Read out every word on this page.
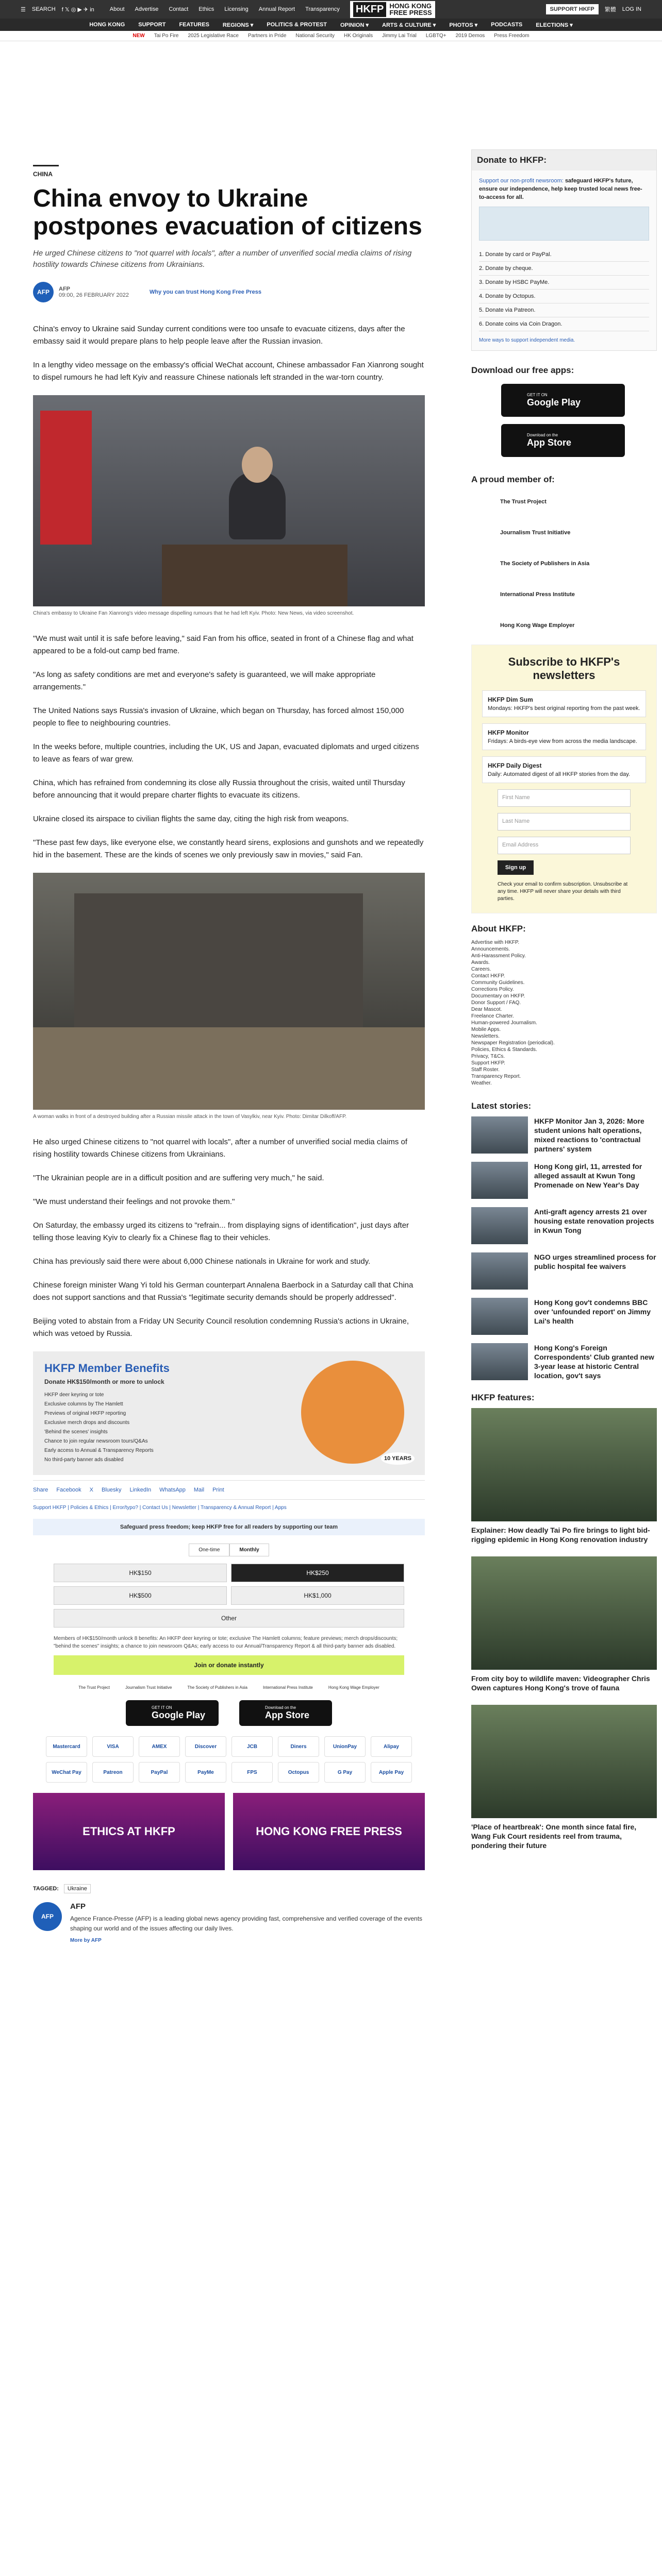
☰ SEARCH f 𝕏 ◎ ▶ ✈ in	About Advertise Contact Ethics Licensing Annual Report Transparency HKFP HONG KONG
FREE PRESS	SUPPORT HKFP	繁體 LOG IN
HONG KONG SUPPORT FEATURES REGIONS ▾ POLITICS & PROTEST OPINION ▾ ARTS & CULTURE ▾ PHOTOS ▾ PODCASTS ELECTIONS ▾
NEW Tai Po Fire 2025 Legislative Race Partners in Pride National Security HK Originals Jimmy Lai Trial LGBTQ+ 2019 Demos Press Freedom
CHINA
China envoy to Ukraine postpones evacuation of citizens
He urged Chinese citizens to "not quarrel with locals", after a number of unverified social media claims of rising hostility towards Chinese citizens from Ukrainians.
AFP	AFP
09:00, 26 FEBRUARY 2022	Why you can trust Hong Kong Free Press

China's envoy to Ukraine said Sunday current conditions were too unsafe to evacuate citizens, days after the embassy said it would prepare plans to help people leave after the Russian invasion.

In a lengthy video message on the embassy's official WeChat account, Chinese ambassador Fan Xianrong sought to dispel rumours he had left Kyiv and reassure Chinese nationals left stranded in the war-torn country.

China's embassy to Ukraine Fan Xianrong's video message dispelling rumours that he had left Kyiv. Photo: New News, via video screenshot.

"We must wait until it is safe before leaving," said Fan from his office, seated in front of a Chinese flag and what appeared to be a fold-out camp bed frame.

"As long as safety conditions are met and everyone's safety is guaranteed, we will make appropriate arrangements."

The United Nations says Russia's invasion of Ukraine, which began on Thursday, has forced almost 150,000 people to flee to neighbouring countries.

In the weeks before, multiple countries, including the UK, US and Japan, evacuated diplomats and urged citizens to leave as fears of war grew.

China, which has refrained from condemning its close ally Russia throughout the crisis, waited until Thursday before announcing that it would prepare charter flights to evacuate its citizens.

Ukraine closed its airspace to civilian flights the same day, citing the high risk from weapons.

"These past few days, like everyone else, we constantly heard sirens, explosions and gunshots and we repeatedly hid in the basement. These are the kinds of scenes we only previously saw in movies," said Fan.

A woman walks in front of a destroyed building after a Russian missile attack in the town of Vasylkiv, near Kyiv. Photo: Dimitar Dilkoff/AFP.

He also urged Chinese citizens to "not quarrel with locals", after a number of unverified social media claims of rising hostility towards Chinese citizens from Ukrainians.

"The Ukrainian people are in a difficult position and are suffering very much," he said.

"We must understand their feelings and not provoke them."

On Saturday, the embassy urged its citizens to "refrain... from displaying signs of identification", just days after telling those leaving Kyiv to clearly fix a Chinese flag to their vehicles.

China has previously said there were about 6,000 Chinese nationals in Ukraine for work and study.

Chinese foreign minister Wang Yi told his German counterpart Annalena Baerbock in a Saturday call that China does not support sanctions and that Russia's "legitimate security demands should be properly addressed".

Beijing voted to abstain from a Friday UN Security Council resolution condemning Russia's actions in Ukraine, which was vetoed by Russia.

HKFP Member Benefits
Donate HK$150/month or more to unlock
HKFP deer keyring or tote
Exclusive columns by The Hamlett
Previews of original HKFP reporting
Exclusive merch drops and discounts
'Behind the scenes' insights
Chance to join regular newsroom tours/Q&As
Early access to Annual & Transparency Reports
No third-party banner ads disabled	10 YEARS
Share Facebook X Bluesky LinkedIn WhatsApp Mail Print
Support HKFP | Policies & Ethics | Error/typo? | Contact Us | Newsletter | Transparency & Annual Report | Apps
Safeguard press freedom; keep HKFP free for all readers by supporting our team
One-time	Monthly
HK$150	HK$250
HK$500	HK$1,000
Other
Members of HK$150/month unlock 8 benefits: An HKFP deer keyring or tote; exclusive The Hamlett columns; feature previews; merch drops/discounts; "behind the scenes" insights; a chance to join newsroom Q&As; early access to our Annual/Transparency Report & all third-party banner ads disabled.
Join or donate instantly
The Trust Project	Journalism Trust Initiative	The Society of Publishers in Asia	International Press Institute	Hong Kong Wage Employer
GET IT ON
Google Play
Download on the
App Store
Mastercard	VISA	AMEX	Discover	JCB	Diners	UnionPay	Alipay
WeChat Pay	Patreon	PayPal	PayMe	FPS	Octopus	G Pay	Apple Pay
ETHICS AT HKFP	HONG KONG FREE PRESS
TAGGED: Ukraine
AFP
AFP
Agence France-Presse (AFP) is a leading global news agency providing fast, comprehensive and verified coverage of the events shaping our world and of the issues affecting our daily lives.
More by AFP
Donate to HKFP:
Support our non-profit newsroom: safeguard HKFP's future, ensure our independence, help keep trusted local news free-to-access for all.
1. Donate by card or PayPal.
2. Donate by cheque.
3. Donate by HSBC PayMe.
4. Donate by Octopus.
5. Donate via Patreon.
6. Donate coins via Coin Dragon.
More ways to support independent media.
Download our free apps:
GET IT ON
Google Play
Download on the
App Store
A proud member of:
The Trust Project
Journalism Trust Initiative
The Society of Publishers in Asia
International Press Institute
Hong Kong Wage Employer
Subscribe to HKFP's newsletters
HKFP Dim Sum
Mondays: HKFP's best original reporting from the past week.
HKFP Monitor
Fridays: A birds-eye view from across the media landscape.
HKFP Daily Digest
Daily: Automated digest of all HKFP stories from the day.
First Name
Last Name
Email Address
Sign up
Check your email to confirm subscription. Unsubscribe at any time. HKFP will never share your details with third parties.
About HKFP:
Advertise with HKFP.
Announcements.
Anti-Harassment Policy.
Awards.
Careers.
Contact HKFP.
Community Guidelines.
Corrections Policy.
Documentary on HKFP.
Donor Support / FAQ.
Dear Mascot.
Freelance Charter.
Human-powered Journalism.
Mobile Apps.
Newsletters.
Newspaper Registration (periodical).
Policies, Ethics & Standards.
Privacy, T&Cs.
Support HKFP.
Staff Roster.
Transparency Report.
Weather.
Latest stories:
HKFP Monitor Jan 3, 2026: More student unions halt operations, mixed reactions to 'contractual partners' system
Hong Kong girl, 11, arrested for alleged assault at Kwun Tong Promenade on New Year's Day
Anti-graft agency arrests 21 over housing estate renovation projects in Kwun Tong
NGO urges streamlined process for public hospital fee waivers
Hong Kong gov't condemns BBC over 'unfounded report' on Jimmy Lai's health
Hong Kong's Foreign Correspondents' Club granted new 3-year lease at historic Central location, gov't says
HKFP features:
Explainer: How deadly Tai Po fire brings to light bid-rigging epidemic in Hong Kong renovation industry
From city boy to wildlife maven: Videographer Chris Owen captures Hong Kong's trove of fauna
'Place of heartbreak': One month since fatal fire, Wang Fuk Court residents reel from trauma, pondering their future
